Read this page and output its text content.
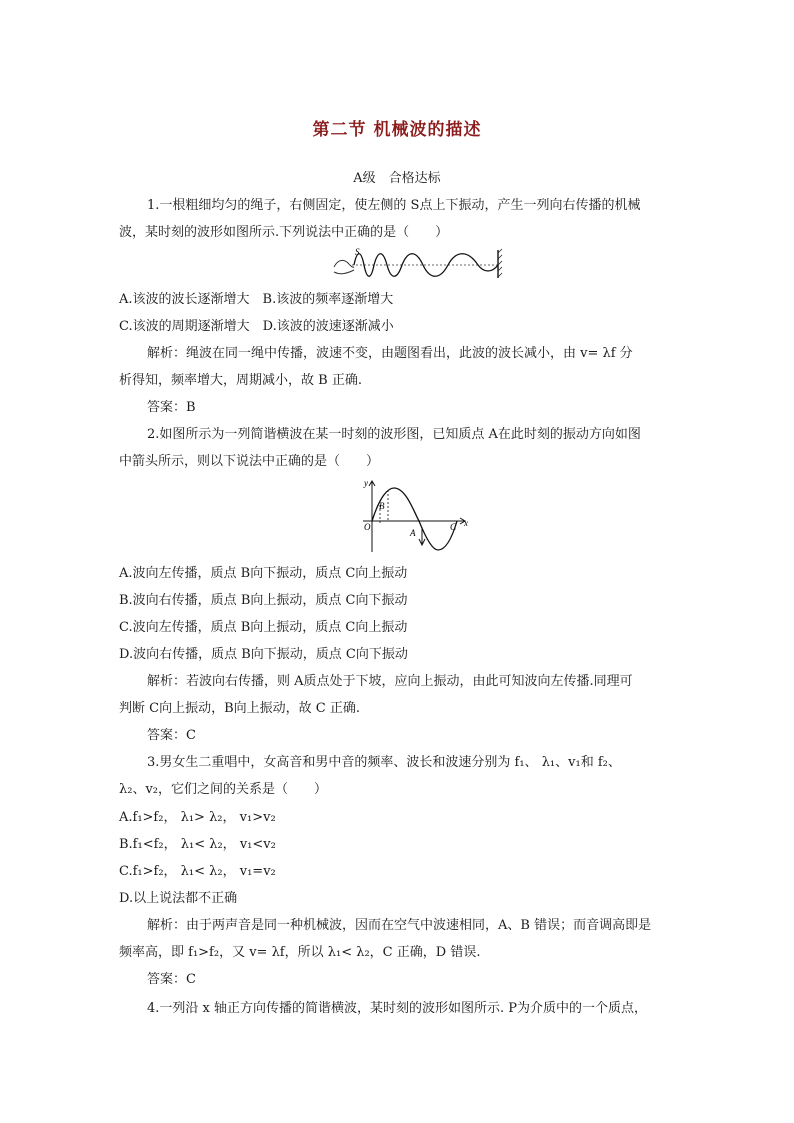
第二节 机械波的描述
A级　合格达标
1.一根粗细均匀的绳子，右侧固定，使左侧的 S点上下振动，产生一列向右传播的机械
波，某时刻的波形如图所示.下列说法中正确的是（　　）
S
A.该波的波长逐渐增大　B.该波的频率逐渐增大
C.该波的周期逐渐增大　D.该波的波速逐渐减小
解析：绳波在同一绳中传播，波速不变，由题图看出，此波的波长减小，由 v= λf 分
析得知，频率增大，周期减小，故 B 正确.
答案：B
2.如图所示为一列简谐横波在某一时刻的波形图，已知质点 A在此时刻的振动方向如图
中箭头所示，则以下说法中正确的是（　　）
y
x
O
B
A
C
A.波向左传播，质点 B向下振动，质点 C向上振动
B.波向右传播，质点 B向上振动，质点 C向下振动
C.波向左传播，质点 B向上振动，质点 C向上振动
D.波向右传播，质点 B向下振动，质点 C向下振动
解析：若波向右传播，则 A质点处于下坡，应向上振动，由此可知波向左传播.同理可
判断 C向上振动，B向上振动，故 C 正确.
答案：C
3.男女生二重唱中，女高音和男中音的频率、波长和波速分别为 f₁、 λ₁、v₁和 f₂、
λ₂、v₂，它们之间的关系是（　　）
A.f₁>f₂， λ₁> λ₂， v₁>v₂
B.f₁<f₂， λ₁< λ₂， v₁<v₂
C.f₁>f₂， λ₁< λ₂， v₁=v₂
D.以上说法都不正确
解析：由于两声音是同一种机械波，因而在空气中波速相同，A、B 错误；而音调高即是
频率高，即 f₁>f₂，又 v= λf，所以 λ₁< λ₂，C 正确，D 错误.
答案：C
4.一列沿 x 轴正方向传播的简谐横波，某时刻的波形如图所示. P为介质中的一个质点，
